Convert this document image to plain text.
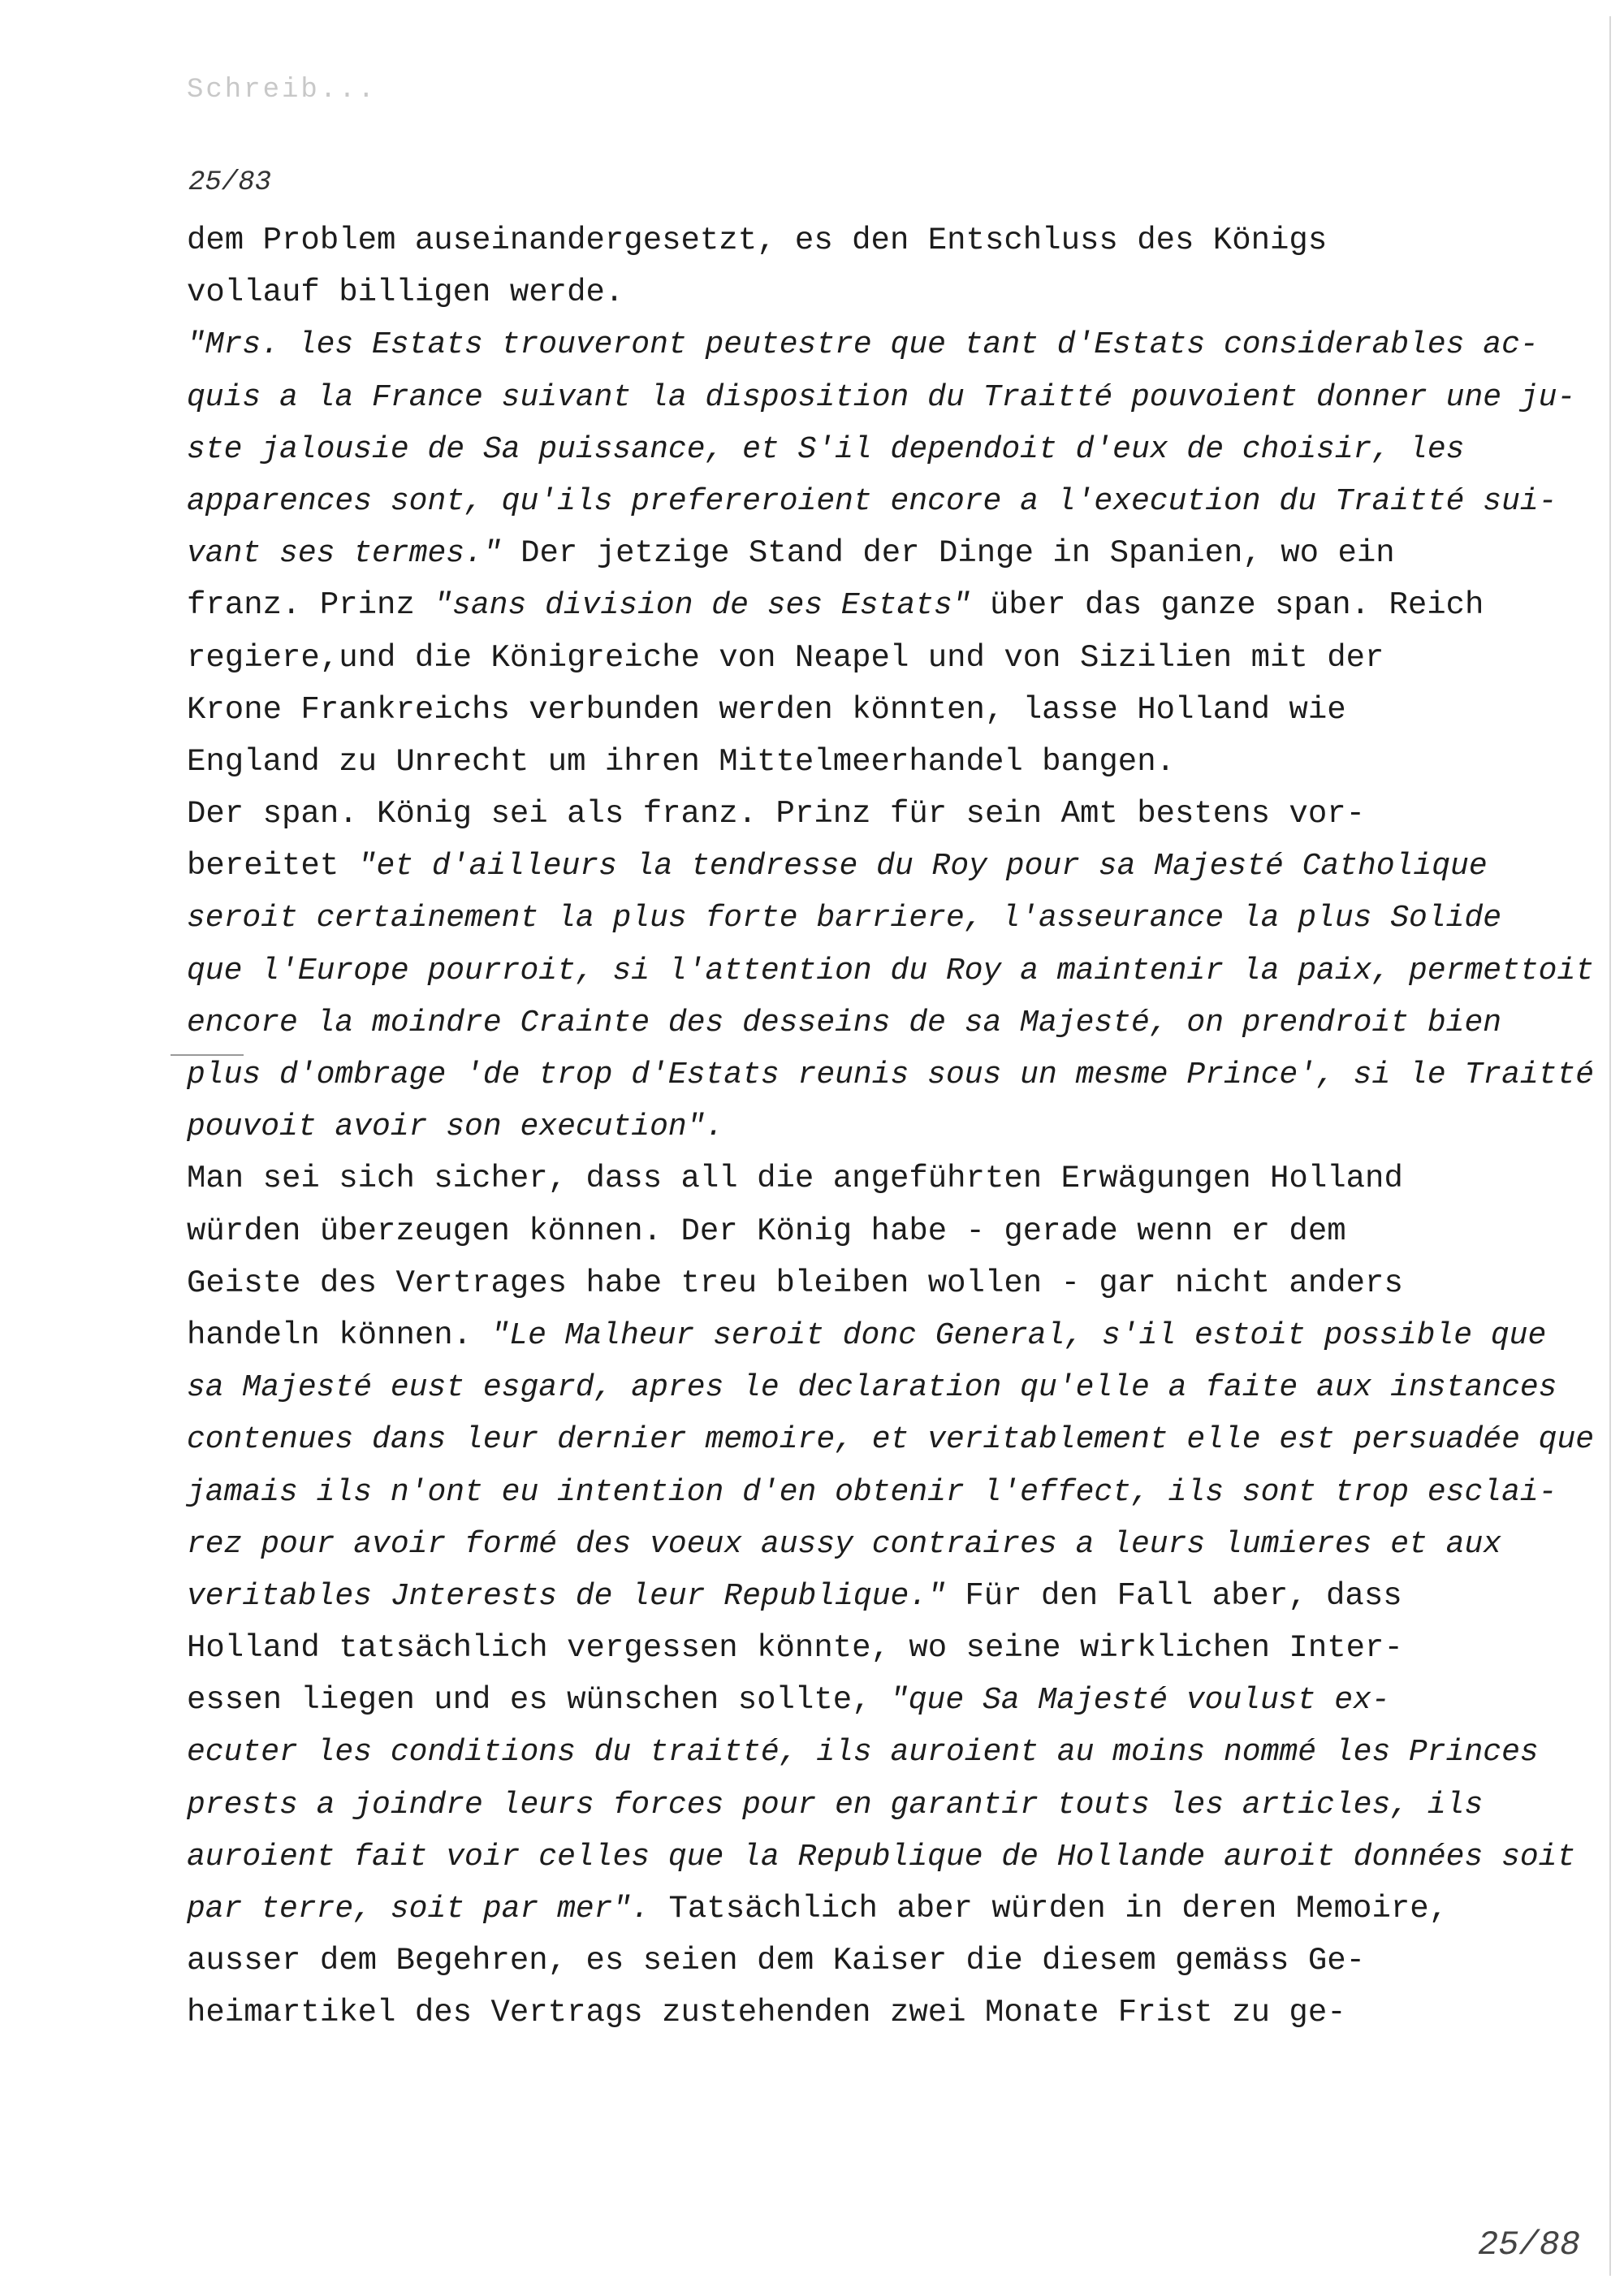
Schreib...
25/83
dem Problem auseinandergesetzt, es den Entschluss des Königs
vollauf billigen werde.
"Mrs. les Estats trouveront peutestre que tant d'Estats considerables ac-
quis a la France suivant la disposition du Traitté pouvoient donner une ju-
ste jalousie de Sa puissance, et S'il dependoit d'eux de choisir, les
apparences sont, qu'ils prefereroient encore a l'execution du Traitté sui-
vant ses termes." Der jetzige Stand der Dinge in Spanien, wo ein
franz. Prinz "sans division de ses Estats" über das ganze span. Reich
regiere,und die Königreiche von Neapel und von Sizilien mit der
Krone Frankreichs verbunden werden könnten, lasse Holland wie
England zu Unrecht um ihren Mittelmeerhandel bangen.
Der span. König sei als franz. Prinz für sein Amt bestens vor-
bereitet "et d'ailleurs la tendresse du Roy pour sa Majesté Catholique
seroit certainement la plus forte barriere, l'asseurance la plus Solide
que l'Europe pourroit, si l'attention du Roy a maintenir la paix, permettoit
encore la moindre Crainte des desseins de sa Majesté, on prendroit bien
plus d'ombrage 'de trop d'Estats reunis sous un mesme Prince', si le Traitté
pouvoit avoir son execution".
Man sei sich sicher, dass all die angeführten Erwägungen Holland
würden überzeugen können. Der König habe - gerade wenn er dem
Geiste des Vertrages habe treu bleiben wollen - gar nicht anders
handeln können. "Le Malheur seroit donc General, s'il estoit possible que
sa Majesté eust esgard, apres le declaration qu'elle a faite aux instances
contenues dans leur dernier memoire, et veritablement elle est persuadée que
jamais ils n'ont eu intention d'en obtenir l'effect, ils sont trop esclai-
rez pour avoir formé des voeux aussy contraires a leurs lumieres et aux
veritables Jnterests de leur Republique." Für den Fall aber, dass
Holland tatsächlich vergessen könnte, wo seine wirklichen Inter-
essen liegen und es wünschen sollte, "que Sa Majesté voulust ex-
ecuter les conditions du traitté, ils auroient au moins nommé les Princes
prests a joindre leurs forces pour en garantir touts les articles, ils
auroient fait voir celles que la Republique de Hollande auroit données soit
par terre, soit par mer". Tatsächlich aber würden in deren Memoire,
ausser dem Begehren, es seien dem Kaiser die diesem gemäss Ge-
heimartikel des Vertrags zustehenden zwei Monate Frist zu ge-
25/88
